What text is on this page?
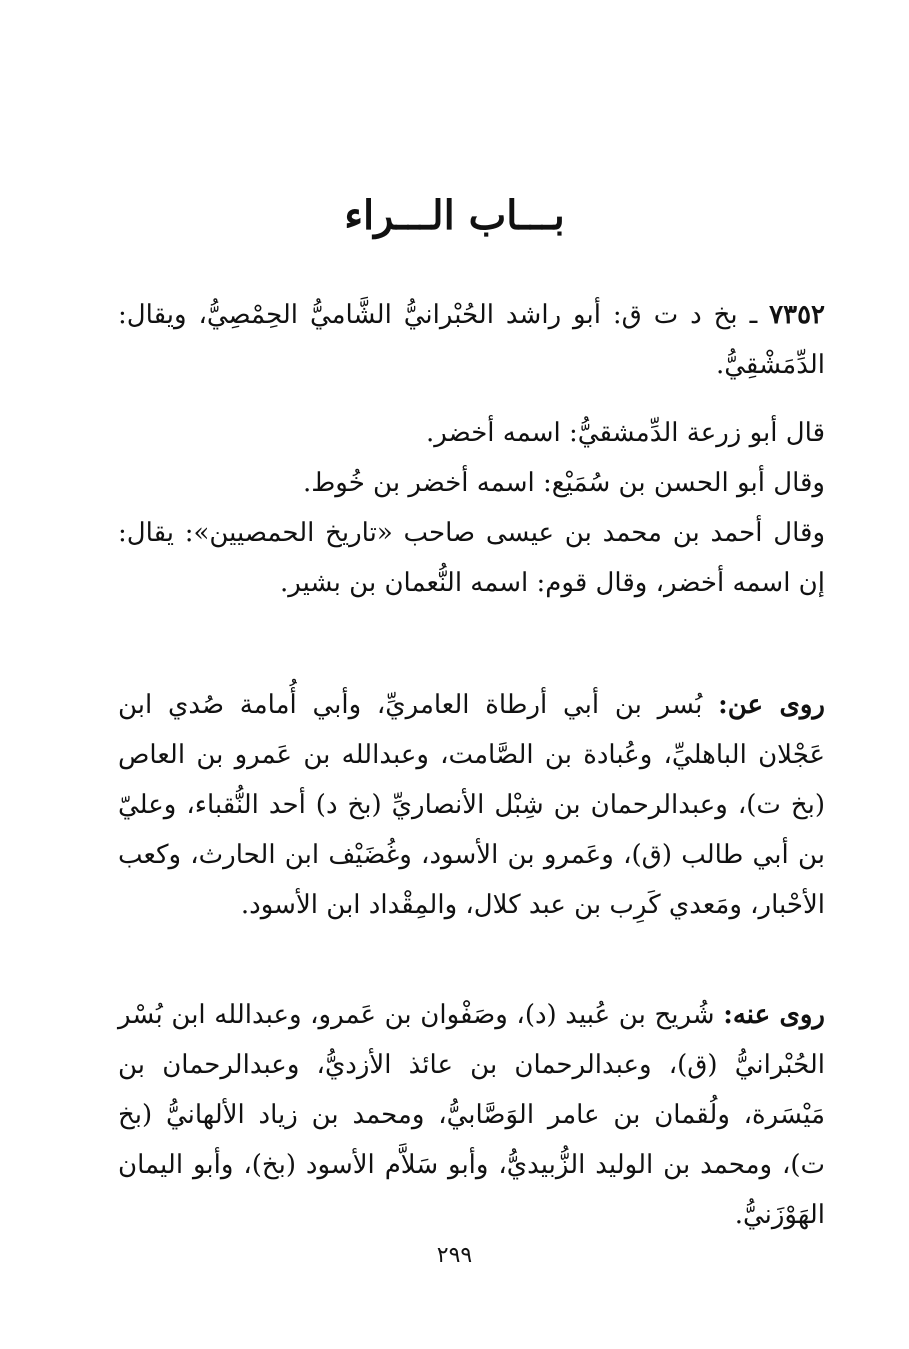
بـــاب الـــراء

٧٣٥٢ ـ بخ د ت ق: أبو راشد الحُبْرانيُّ الشَّاميُّ الحِمْصِيُّ، ويقال: الدِّمَشْقِيُّ.

قال أبو زرعة الدِّمشقيُّ: اسمه أخضر.

وقال أبو الحسن بن سُمَيْع: اسمه أخضر بن خُوط.

وقال أحمد بن محمد بن عيسى صاحب «تاريخ الحمصيين»: يقال: إن اسمه أخضر، وقال قوم: اسمه النُّعمان بن بشير.

روى عن: بُسر بن أبي أرطاة العامريِّ، وأبي أُمامة صُدي ابن عَجْلان الباهليِّ، وعُبادة بن الصَّامت، وعبدالله بن عَمرو بن العاص (بخ ت)، وعبدالرحمان بن شِبْل الأنصاريِّ (بخ د) أحد النُّقباء، وعليّ بن أبي طالب (ق)، وعَمرو بن الأسود، وغُضَيْف ابن الحارث، وكعب الأحْبار، ومَعدي كَرِب بن عبد كلال، والمِقْداد ابن الأسود.

روى عنه: شُريح بن عُبيد (د)، وصَفْوان بن عَمرو، وعبدالله ابن بُسْر الحُبْرانيُّ (ق)، وعبدالرحمان بن عائذ الأزديُّ، وعبدالرحمان بن مَيْسَرة، ولُقمان بن عامر الوَصَّابيُّ، ومحمد بن زياد الألهانيُّ (بخ ت)، ومحمد بن الوليد الزُّبيديُّ، وأبو سَلاَّم الأسود (بخ)، وأبو اليمان الهَوْزَنيُّ.

٢٩٩
